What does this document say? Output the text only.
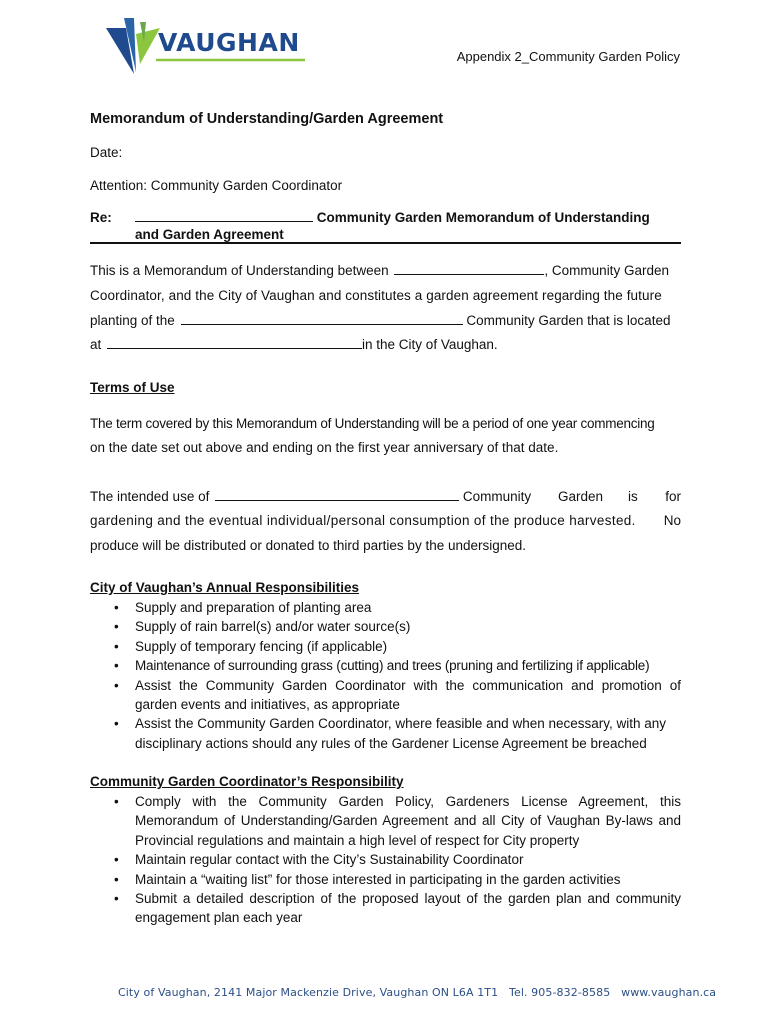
VAUGHAN	Appendix 2_Community Garden Policy
Memorandum of Understanding/Garden Agreement
Date:
Attention: Community Garden Coordinator
Re:	Community Garden Memorandum of Understanding
and Garden Agreement
This is a Memorandum of Understanding between	, Community Garden
Coordinator, and the City of Vaughan and constitutes a garden agreement regarding the future
planting of the	Community Garden that is located
at	in the City of Vaughan.
Terms of Use
The term covered by this Memorandum of Understanding will be a period of one year commencing
on the date set out above and ending on the first year anniversary of that date.
The intended use of	Community Garden is for
gardening and the eventual individual/personal consumption of the produce harvested. No
produce will be distributed or donated to third parties by the undersigned.
City of Vaughan’s Annual Responsibilities
• Supply and preparation of planting area
• Supply of rain barrel(s) and/or water source(s)
• Supply of temporary fencing (if applicable)
• Maintenance of surrounding grass (cutting) and trees (pruning and fertilizing if applicable)
• Assist the Community Garden Coordinator with the communication and promotion of
garden events and initiatives, as appropriate
• Assist the Community Garden Coordinator, where feasible and when necessary, with any
disciplinary actions should any rules of the Gardener License Agreement be breached
Community Garden Coordinator’s Responsibility
• Comply with the Community Garden Policy, Gardeners License Agreement, this
Memorandum of Understanding/Garden Agreement and all City of Vaughan By-laws and
Provincial regulations and maintain a high level of respect for City property
• Maintain regular contact with the City’s Sustainability Coordinator
• Maintain a “waiting list” for those interested in participating in the garden activities
• Submit a detailed description of the proposed layout of the garden plan and community
engagement plan each year
City of Vaughan, 2141 Major Mackenzie Drive, Vaughan ON L6A 1T1   Tel. 905-832-8585   www.vaughan.ca
